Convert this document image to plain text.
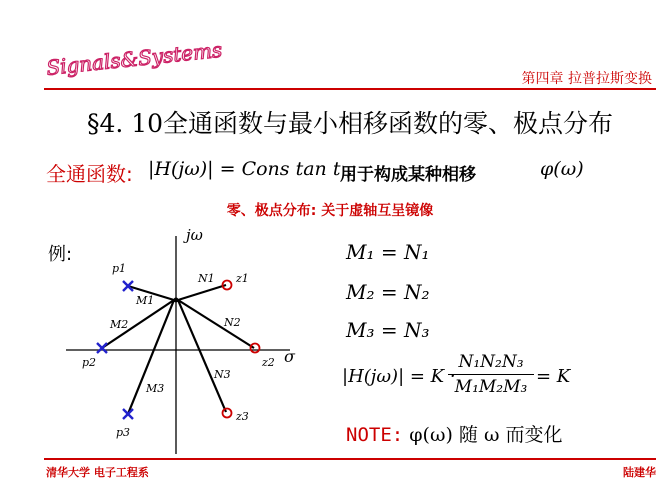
Signals&Systems	第四章 拉普拉斯变换
§4. 10全通函数与最小相移函数的零、极点分布
全通函数: |H(jω)| = Cons tan t ,
用于构成某种相移	φ(ω)
零、极点分布: 关于虚轴互呈镜像
例:
jω
σ
p1
p2
p3
z1
z2
z3
M1
M2
M3
N1
N2
N3
M₁ = N₁
M₂ = N₂
M₃ = N₃
|H(jω)| = K ·
$\frac{\text{N₁N₂N₃}}{\text{M₁M₂M₃}} = K$
NOTE: φ(ω) 随 ω 而变化
清华大学 电子工程系	陆建华
